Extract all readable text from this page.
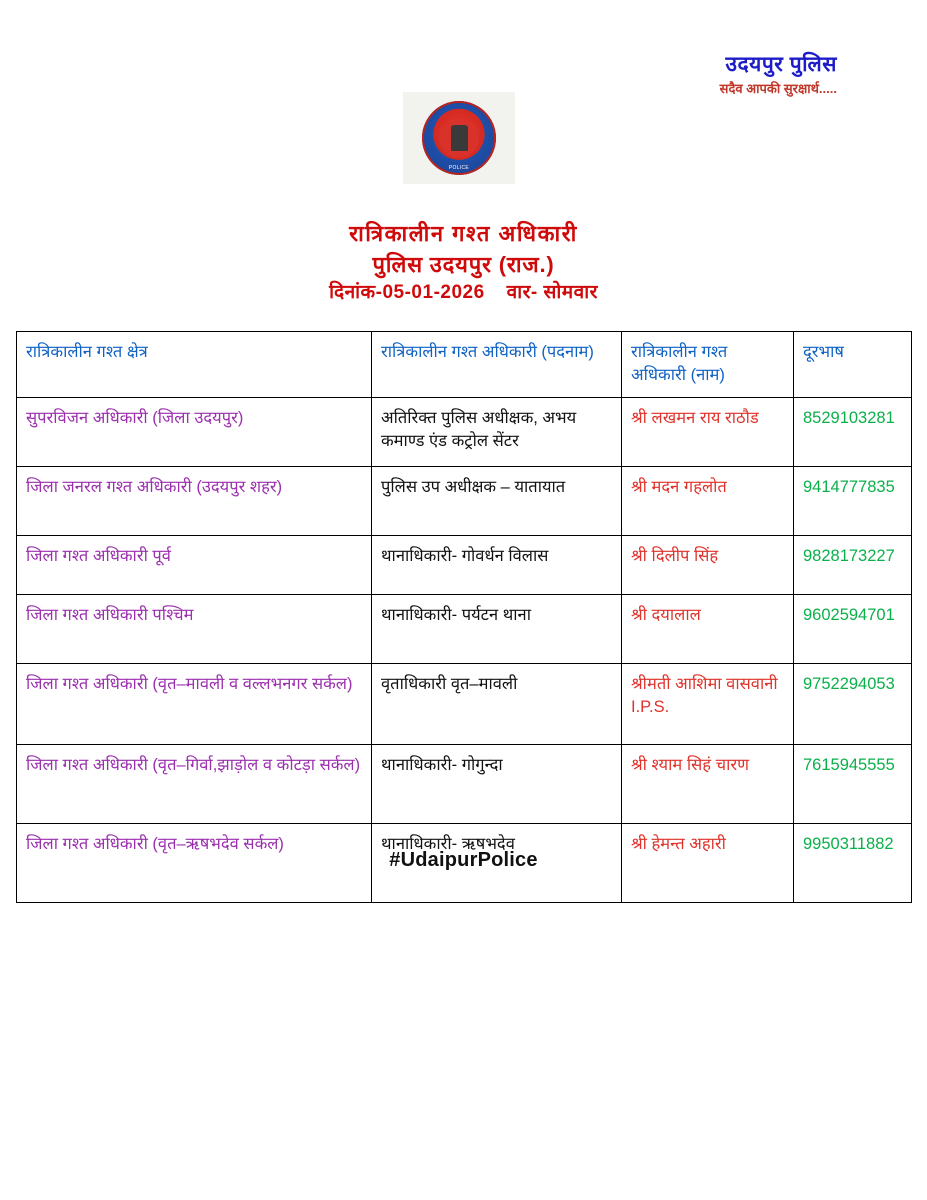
उदयपुर पुलिस
सदैव आपकी सुरक्षार्थ.....
POLICE
रात्रिकालीन गश्त अधिकारी
पुलिस उदयपुर (राज.)
दिनांक-05-01-2026 वार- सोमवार
रात्रिकालीन गश्त क्षेत्र	रात्रिकालीन गश्त अधिकारी (पदनाम)	रात्रिकालीन गश्त अधिकारी (नाम)	दूरभाष
सुपरविजन अधिकारी (जिला उदयपुर)	अतिरिक्त पुलिस अधीक्षक, अभय कमाण्ड एंड कट्रोल सेंटर	श्री लखमन राय राठौड	8529103281
जिला जनरल गश्त अधिकारी (उदयपुर शहर)	पुलिस उप अधीक्षक – यातायात	श्री मदन गहलोत	9414777835
जिला गश्त अधिकारी पूर्व	थानाधिकारी- गोवर्धन विलास	श्री दिलीप सिंह	9828173227
जिला गश्त अधिकारी पश्चिम	थानाधिकारी- पर्यटन थाना	श्री दयालाल	9602594701
जिला गश्त अधिकारी (वृत–मावली व वल्लभनगर सर्कल)	वृताधिकारी वृत–मावली	श्रीमती आशिमा वासवानी I.P.S.	9752294053
जिला गश्त अधिकारी (वृत–गिर्वा,झाड़ोल व कोटड़ा सर्कल)	थानाधिकारी- गोगुन्दा	श्री श्याम सिहं चारण	7615945555
जिला गश्त अधिकारी (वृत–ऋषभदेव सर्कल)	थानाधिकारी- ऋषभदेव	श्री हेमन्त अहारी	9950311882
#UdaipurPolice
